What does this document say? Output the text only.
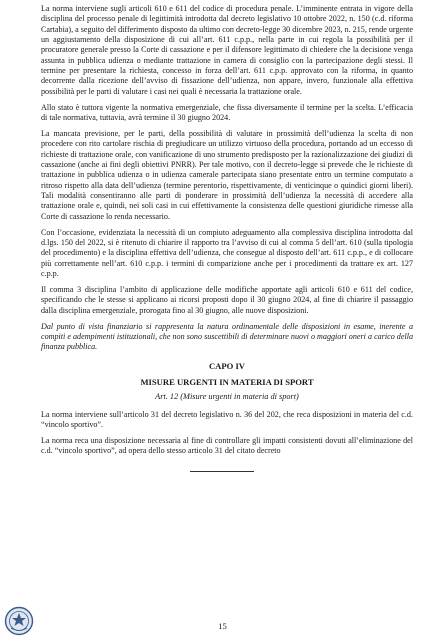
La norma interviene sugli articoli 610 e 611 del codice di procedura penale. L’imminente entrata in vigore della disciplina del processo penale di legittimità introdotta dal decreto legislativo 10 ottobre 2022, n. 150 (c.d. riforma Cartabia), a seguito del differimento disposto da ultimo con decreto-legge 30 dicembre 2023, n. 215, rende urgente un aggiustamento della disposizione di cui all’art. 611 c.p.p., nella parte in cui regola la possibilità per il procuratore generale presso la Corte di cassazione e per il difensore legittimato di chiedere che la decisione venga assunta in pubblica udienza o mediante trattazione in camera di consiglio con la partecipazione degli stessi. Il termine per presentare la richiesta, concesso in forza dell’art. 611 c.p.p. approvato con la riforma, in quanto decorrente dalla ricezione dell’avviso di fissazione dell’udienza, non appare, invero, funzionale alla effettiva possibilità per le parti di valutare i casi nei quali è necessaria la trattazione orale.

Allo stato è tuttora vigente la normativa emergenziale, che fissa diversamente il termine per la scelta. L’efficacia di tale normativa, tuttavia, avrà termine il 30 giugno 2024.

La mancata previsione, per le parti, della possibilità di valutare in prossimità dell’udienza la scelta di non procedere con rito cartolare rischia di pregiudicare un utilizzo virtuoso della procedura, portando ad un eccesso di richieste di trattazione orale, con vanificazione di uno strumento predisposto per la razionalizzazione dei giudizi di cassazione (anche ai fini degli obiettivi PNRR). Per tale motivo, con il decreto-legge si prevede che le richieste di trattazione in pubblica udienza o in udienza camerale partecipata siano presentate entro un termine computato a ritroso rispetto alla data dell’udienza (termine perentorio, rispettivamente, di venticinque o quindici giorni liberi). Tali modalità consentiranno alle parti di ponderare in prossimità dell’udienza la necessità di accedere alla trattazione orale e, quindi, nei soli casi in cui effettivamente la consistenza delle questioni giuridiche rimesse alla Corte di cassazione lo renda necessario.

Con l’occasione, evidenziata la necessità di un compiuto adeguamento alla complessiva disciplina introdotta dal d.lgs. 150 del 2022, si è ritenuto di chiarire il rapporto tra l’avviso di cui al comma 5 dell’art. 610 (sulla tipologia del procedimento) e la disciplina effettiva dell’udienza, che consegue al disposto dell’art. 611 c.p.p., e di collocare più correttamente nell’art. 610 c.p.p. i termini di comparizione anche per i procedimenti da trattare ex art. 127 c.p.p.

Il comma 3 disciplina l’ambito di applicazione delle modifiche apportate agli articoli 610 e 611 del codice, specificando che le stesse si applicano ai ricorsi proposti dopo il 30 giugno 2024, al fine di chiarire il passaggio dalla disciplina emergenziale, prorogata fino al 30 giugno, alle nuove disposizioni.

Dal punto di vista finanziario si rappresenta la natura ordinamentale delle disposizioni in esame, inerente a compiti e adempimenti istituzionali, che non sono suscettibili di determinare nuovi o maggiori oneri a carico della finanza pubblica.

CAPO IV
MISURE URGENTI IN MATERIA DI SPORT
Art. 12 (Misure urgenti in materia di sport)

La norma interviene sull’articolo 31 del decreto legislativo n. 36 del 202, che reca disposizioni in materia del c.d. “vincolo sportivo”.

La norma reca una disposizione necessaria al fine di controllare gli impatti consistenti dovuti all’eliminazione del c.d. “vincolo sportivo”, ad opera dello stesso articolo 31 del citato decreto

15
